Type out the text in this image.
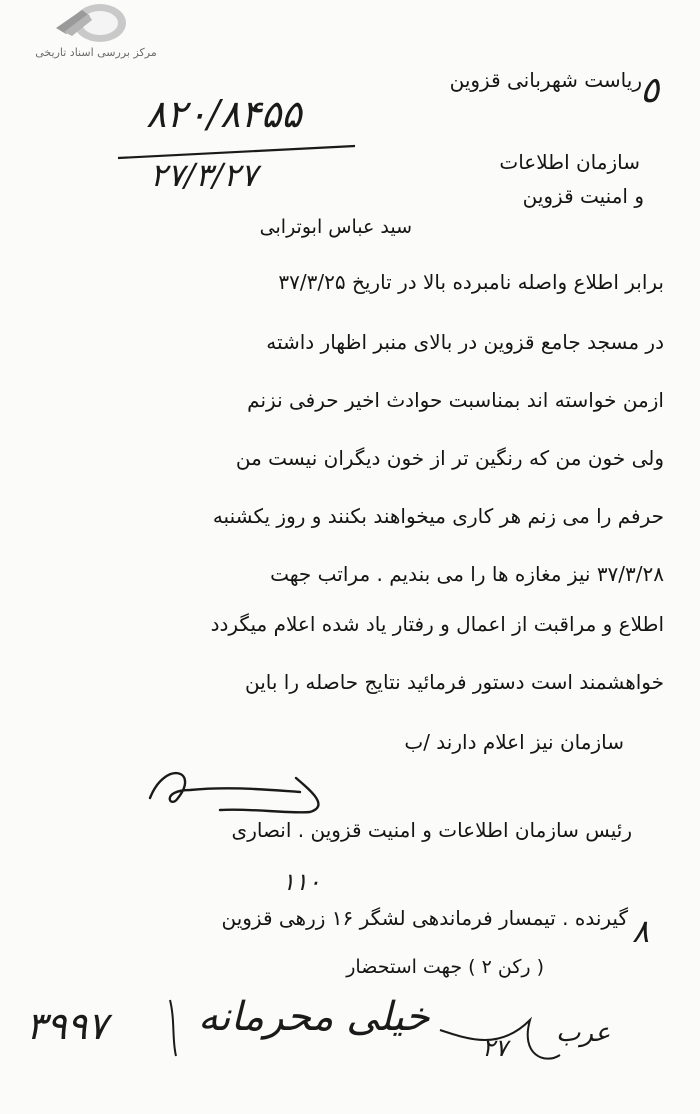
مرکز بررسی اسناد تاریخی
٥
ریاست شهربانی قزوین
۸۲۰/۸۴۵۵
۲۷/۳/۲۷	سازمان اطلاعات
و امنیت قزوین
سید عباس ابوترابی
برابر اطلاع واصله نامبرده بالا در تاریخ ۳۷/۳/۲۵
در مسجد جامع قزوین در بالای منبر اظهار داشته
ازمن خواسته اند بمناسبت حوادث اخیر حرفی نزنم
ولی خون من که رنگین تر از خون دیگران نیست من
حرفم را می زنم هر کاری میخواهند بکنند و روز یکشنبه
۳۷/۳/۲۸ نیز مغازه ها را می بندیم . مراتب جهت
اطلاع و مراقبت از اعمال و رفتار یاد شده اعلام میگردد
خواهشمند است دستور فرمائید نتایج حاصله را باین
سازمان نیز اعلام دارند /ب
رئیس سازمان اطلاعات و امنیت قزوین . انصاری
۱۱۰
گیرنده . تیمسار فرماندهی لشگر ۱۶ زرهی قزوین ٨
( رکن ۲ ) جهت استحضار
۳۹۹۷ خیلی محرمانه	عرب
۲۷
